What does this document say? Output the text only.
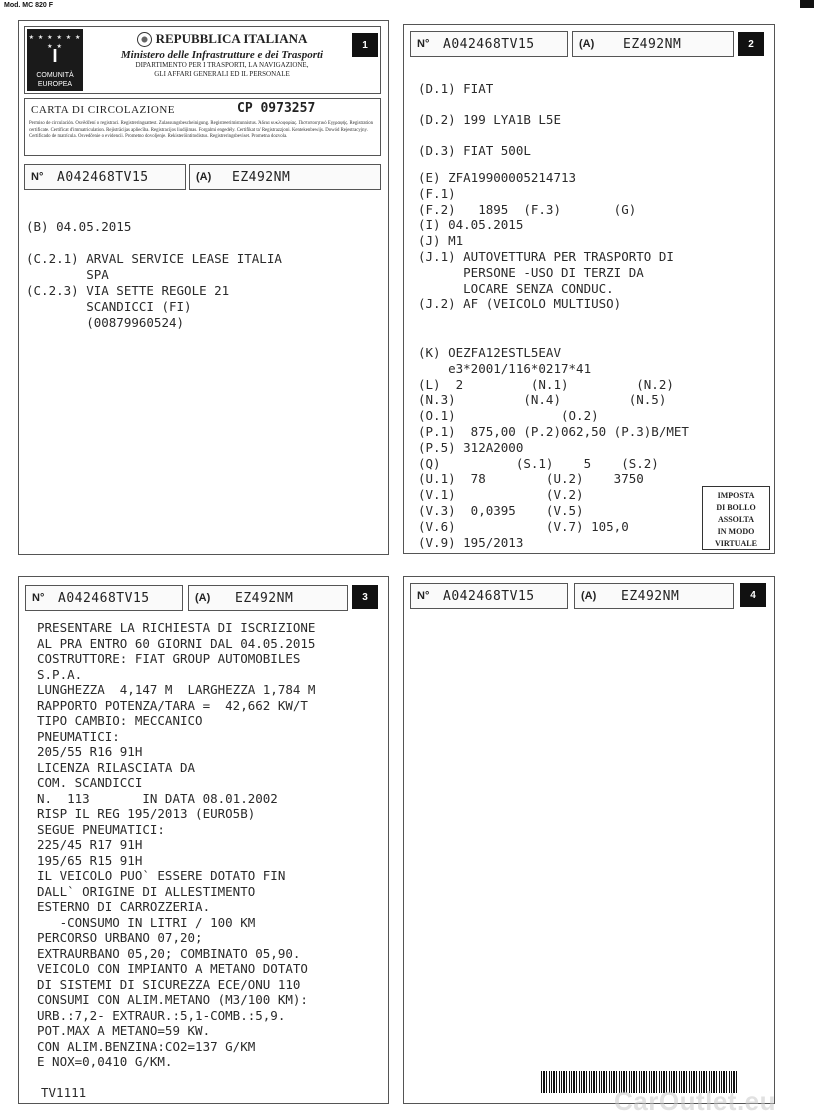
Mod. MC 820 F
★ ★ ★ ★ ★ ★ ★ ★
I
COMUNITÀ
EUROPEA
REPUBBLICA ITALIANA
Ministero delle Infrastrutture e dei Trasporti
DIPARTIMENTO PER I TRASPORTI, LA NAVIGAZIONE,
GLI AFFARI GENERALI ED IL PERSONALE
1
CARTA DI CIRCOLAZIONE	CP 0973257
Permiso de circulación. Osvědčení o registraci. Registreringsattest. Zulassungsbescheinigung. Registreerimistunnistus. Άδεια κυκλοφορίας. Πιστοποιητικό Εγγραφής. Registration certificate. Certificat d'immatriculation. Rejistrācijas apliecība. Registracijos liudijimas. Forgalmi engedély. Certifikat ta' Registrazzjoni. Kentekenbewijs. Dowód Rejestracyjny. Certificado de matrícula. Osvedčenie o evidencii. Prometno dovoljenje. Rekisteröintitodistus. Registreringsbeviset. Prometna dozvola.
N°	A042468TV15	(A)	EZ492NM
(B) 04.05.2015

(C.2.1) ARVAL SERVICE LEASE ITALIA
SPA
(C.2.3) VIA SETTE REGOLE 21
SCANDICCI (FI)
(00879960524)
N°	A042468TV15	(A)	EZ492NM	2
(D.1) FIAT
(D.2) 199 LYA1B L5E
(D.3) FIAT 500L
(E) ZFA19900005214713
(F.1)
(F.2)   1895  (F.3)       (G)
(I) 04.05.2015
(J) M1
(J.1) AUTOVETTURA PER TRASPORTO DI
PERSONE -USO DI TERZI DA
LOCARE SENZA CONDUC.
(J.2) AF (VEICOLO MULTIUSO)
(K) OEZFA12ESTL5EAV
e3*2001/116*0217*41
(L)  2         (N.1)         (N.2)
(N.3)         (N.4)         (N.5)
(O.1)              (O.2)
(P.1)  875,00 (P.2)062,50 (P.3)B/MET
(P.5) 312A2000
(Q)          (S.1)    5    (S.2)
(U.1)  78        (U.2)    3750
(V.1)            (V.2)
(V.3)  0,0395    (V.5)
(V.6)            (V.7) 105,0
(V.9) 195/2013
IMPOSTA
DI BOLLO
ASSOLTA
IN MODO
VIRTUALE
N°	A042468TV15	(A)	EZ492NM	3
PRESENTARE LA RICHIESTA DI ISCRIZIONE
AL PRA ENTRO 60 GIORNI DAL 04.05.2015
COSTRUTTORE: FIAT GROUP AUTOMOBILES
S.P.A.
LUNGHEZZA  4,147 M  LARGHEZZA 1,784 M
RAPPORTO POTENZA/TARA =  42,662 KW/T
TIPO CAMBIO: MECCANICO
PNEUMATICI:
205/55 R16 91H
LICENZA RILASCIATA DA
COM. SCANDICCI
N.  113       IN DATA 08.01.2002
RISP IL REG 195/2013 (EURO5B)
SEGUE PNEUMATICI:
225/45 R17 91H
195/65 R15 91H
IL VEICOLO PUO` ESSERE DOTATO FIN
DALL` ORIGINE DI ALLESTIMENTO
ESTERNO DI CARROZZERIA.
-CONSUMO IN LITRI / 100 KM
PERCORSO URBANO 07,20;
EXTRAURBANO 05,20; COMBINATO 05,90.
VEICOLO CON IMPIANTO A METANO DOTATO
DI SISTEMI DI SICUREZZA ECE/ONU 110
CONSUMI CON ALIM.METANO (M3/100 KM):
URB.:7,2- EXTRAUR.:5,1-COMB.:5,9.
POT.MAX A METANO=59 KW.
CON ALIM.BENZINA:CO2=137 G/KM
E NOX=0,0410 G/KM.
TV1111
N°	A042468TV15	(A)	EZ492NM	4
CarOutlet.eu
